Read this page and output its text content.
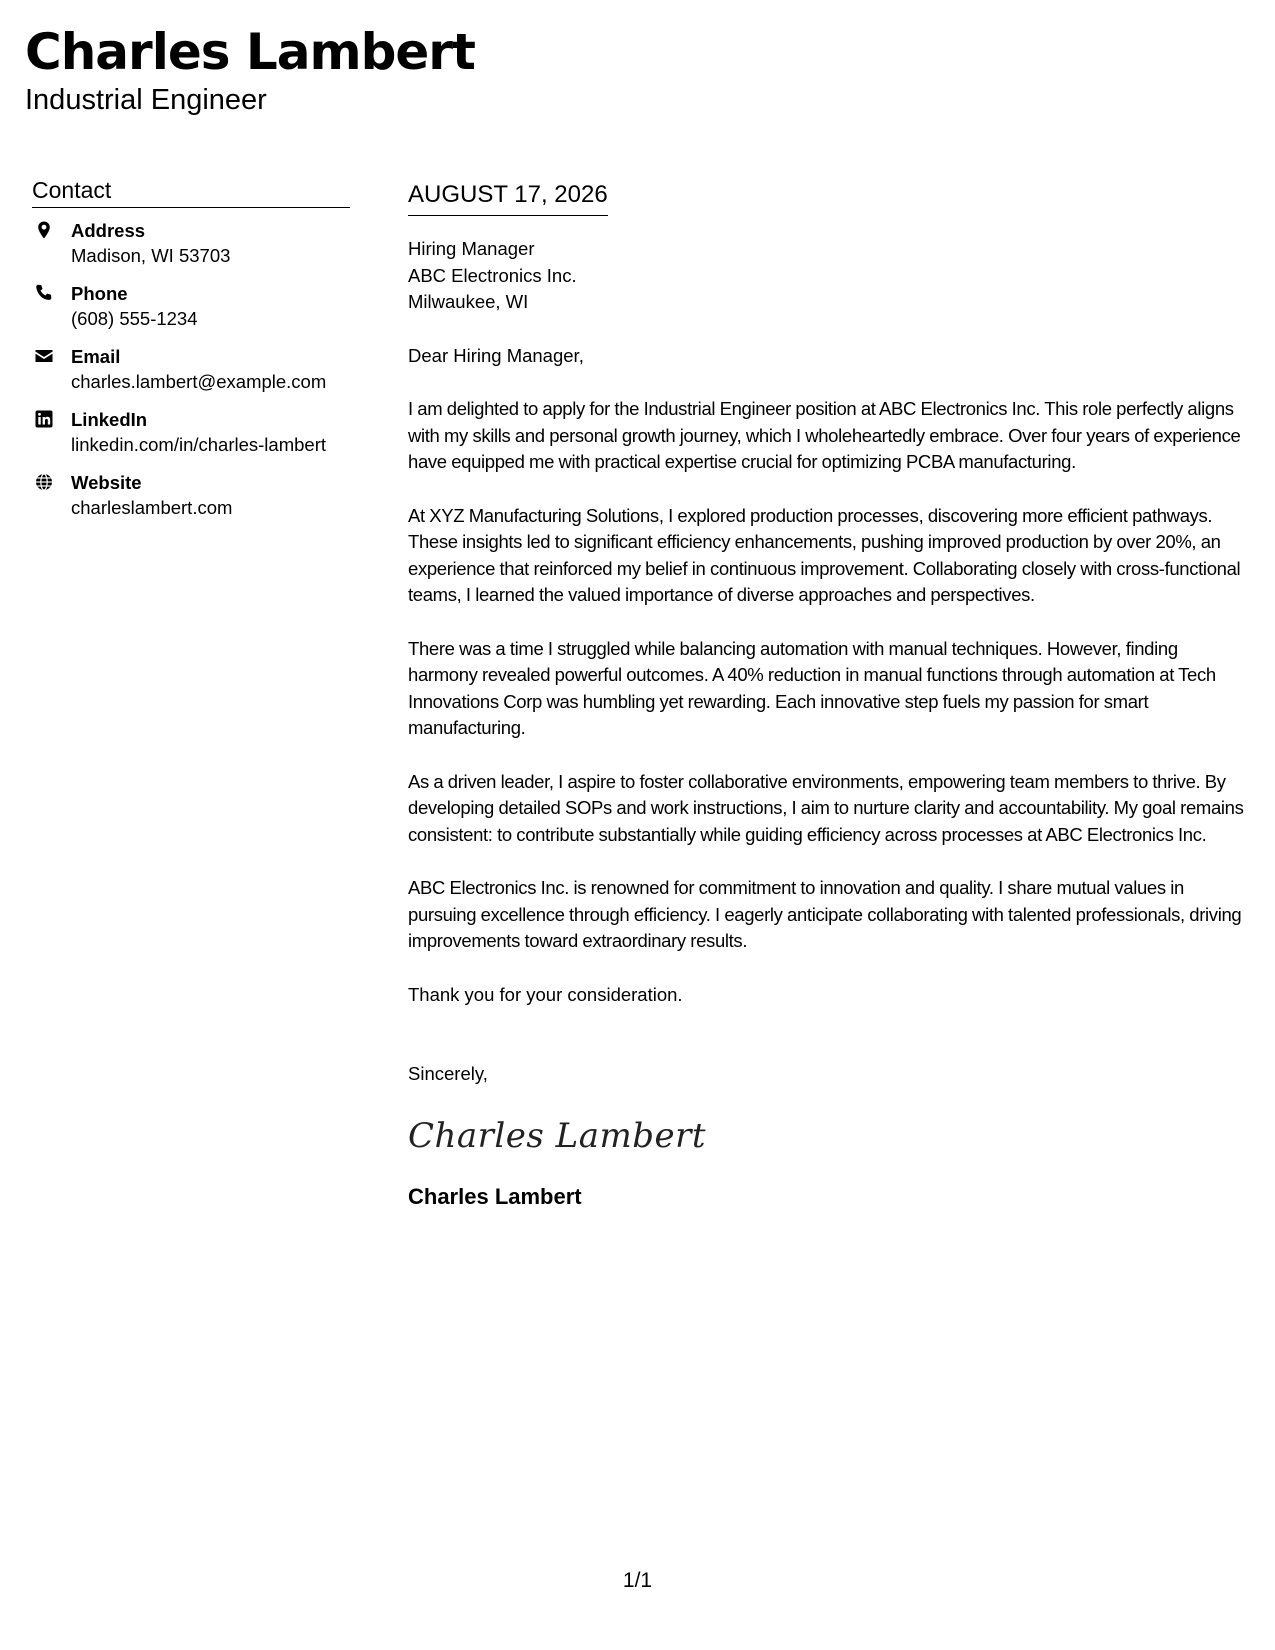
Charles Lambert
Industrial Engineer
Contact
Address
Madison, WI 53703
Phone
(608) 555-1234
Email
charles.lambert@example.com
LinkedIn
linkedin.com/in/charles-lambert
Website
charleslambert.com
AUGUST 17, 2026
Hiring Manager
ABC Electronics Inc.
Milwaukee, WI
Dear Hiring Manager,

I am delighted to apply for the Industrial Engineer position at ABC Electronics Inc. This role perfectly aligns with my skills and personal growth journey, which I wholeheartedly embrace. Over four years of experience have equipped me with practical expertise crucial for optimizing PCBA manufacturing.

At XYZ Manufacturing Solutions, I explored production processes, discovering more efficient pathways. These insights led to significant efficiency enhancements, pushing improved production by over 20%, an experience that reinforced my belief in continuous improvement. Collaborating closely with cross-functional teams, I learned the valued importance of diverse approaches and perspectives.

There was a time I struggled while balancing automation with manual techniques. However, finding harmony revealed powerful outcomes. A 40% reduction in manual functions through automation at Tech Innovations Corp was humbling yet rewarding. Each innovative step fuels my passion for smart manufacturing.

As a driven leader, I aspire to foster collaborative environments, empowering team members to thrive. By developing detailed SOPs and work instructions, I aim to nurture clarity and accountability. My goal remains consistent: to contribute substantially while guiding efficiency across processes at ABC Electronics Inc.

ABC Electronics Inc. is renowned for commitment to innovation and quality. I share mutual values in pursuing excellence through efficiency. I eagerly anticipate collaborating with talented professionals, driving improvements toward extraordinary results.

Thank you for your consideration.
Sincerely,
Charles Lambert
Charles Lambert
1/1
